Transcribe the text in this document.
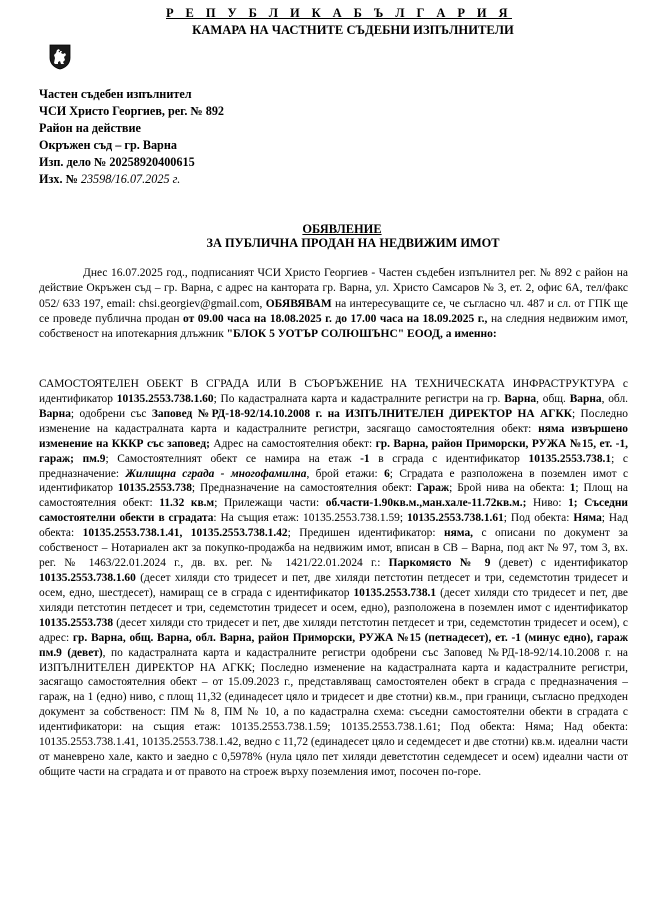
Р Е П У Б Л И К А Б Ъ Л Г А Р И Я
КАМАРА НА ЧАСТНИТЕ СЪДЕБНИ ИЗПЪЛНИТЕЛИ
Частен съдебен изпълнител
ЧСИ Христо Георгиев, рег. № 892
Район на действие
Окръжен съд – гр. Варна
Изп. дело № 20258920400615
Изх. № 23598/16.07.2025 г.
ОБЯВЛЕНИЕ
ЗА ПУБЛИЧНА ПРОДАН НА НЕДВИЖИМ ИМОТ
Днес 16.07.2025 год., подписаният ЧСИ Христо Георгиев - Частен съдебен изпълнител рег. № 892 с район на действие Окръжен съд – гр. Варна, с адрес на кантората гр. Варна, ул. Христо Самсаров № 3, ет. 2, офис 6А, тел/факс 052/ 633 197, email: chsi.georgiev@gmail.com, ОБЯВЯВАМ на интересуващите се, че съгласно чл. 487 и сл. от ГПК ще се проведе публична продан от 09.00 часа на 18.08.2025 г. до 17.00 часа на 18.09.2025 г., на следния недвижим имот, собственост на ипотекарния длъжник "БЛОК 5 УОТЪР СОЛЮШЪНС" ЕООД, а именно:
САМОСТОЯТЕЛЕН ОБЕКТ В СГРАДА ИЛИ В СЪОРЪЖЕНИЕ НА ТЕХНИЧЕСКАТА ИНФРАСТРУКТУРА с идентификатор 10135.2553.738.1.60; По кадастралната карта и кадастралните регистри на гр. Варна, общ. Варна, обл. Варна; одобрени със Заповед №РД-18-92/14.10.2008 г. на ИЗПЪЛНИТЕЛЕН ДИРЕКТОР НА АГКК; Последно изменение на кадастралната карта и кадастралните регистри, засягащо самостоятелния обект: няма извършено изменение на КККР със заповед; Адрес на самостоятелния обект: гр. Варна, район Приморски, РУЖА №15, ет. -1, гараж; пм.9; Самостоятелният обект се намира на етаж -1 в сграда с идентификатор 10135.2553.738.1; с предназначение: Жилищна сграда - многофамилна, брой етажи: 6; Сградата е разположена в поземлен имот с идентификатор 10135.2553.738; Предназначение на самостоятелния обект: Гараж; Брой нива на обекта: 1; Площ на самостоятелния обект: 11.32 кв.м; Прилежащи части: об.части-1.90кв.м.,ман.хале-11.72кв.м.; Ниво: 1; Съседни самостоятелни обекти в сградата: На същия етаж: 10135.2553.738.1.59; 10135.2553.738.1.61; Под обекта: Няма; Над обекта: 10135.2553.738.1.41, 10135.2553.738.1.42; Предишен идентификатор: няма, с описани по документ за собственост – Нотариален акт за покупко-продажба на недвижим имот, вписан в СВ – Варна, под акт № 97, том 3, вх. рег. № 1463/22.01.2024 г., дв. вх. рег. № 1421/22.01.2024 г.: Паркомясто № 9 (девет) с идентификатор 10135.2553.738.1.60 (десет хиляди сто тридесет и пет, две хиляди петстотин петдесет и три, седемстотин тридесет и осем, едно, шестдесет), намиращ се в сграда с идентификатор 10135.2553.738.1 (десет хиляди сто тридесет и пет, две хиляди петстотин петдесет и три, седемстотин тридесет и осем, едно), разположена в поземлен имот с идентификатор 10135.2553.738 (десет хиляди сто тридесет и пет, две хиляди петстотин петдесет и три, седемстотин тридесет и осем), с адрес: гр. Варна, общ. Варна, обл. Варна, район Приморски, РУЖА №15 (петнадесет), ет. -1 (минус едно), гараж пм.9 (девет), по кадастралната карта и кадастралните регистри одобрени със Заповед №РД-18-92/14.10.2008 г. на ИЗПЪЛНИТЕЛЕН ДИРЕКТОР НА АГКК; Последно изменение на кадастралната карта и кадастралните регистри, засягащо самостоятелния обект – от 15.09.2023 г., представляващ самостоятелен обект в сграда с предназначения – гараж, на 1 (едно) ниво, с площ 11,32 (единадесет цяло и тридесет и две стотни) кв.м., при граници, съгласно предходен документ за собственост: ПМ № 8, ПМ № 10, а по кадастрална схема: съседни самостоятелни обекти в сградата с идентификатори: на същия етаж: 10135.2553.738.1.59; 10135.2553.738.1.61; Под обекта: Няма; Над обекта: 10135.2553.738.1.41, 10135.2553.738.1.42, ведно с 11,72 (единадесет цяло и седемдесет и две стотни) кв.м. идеални части от маневрено хале, както и заедно с 0,5978% (нула цяло пет хиляди деветстотин седемдесет и осем) идеални части от общите части на сградата и от правото на строеж върху поземления имот, посочен по-горе.
